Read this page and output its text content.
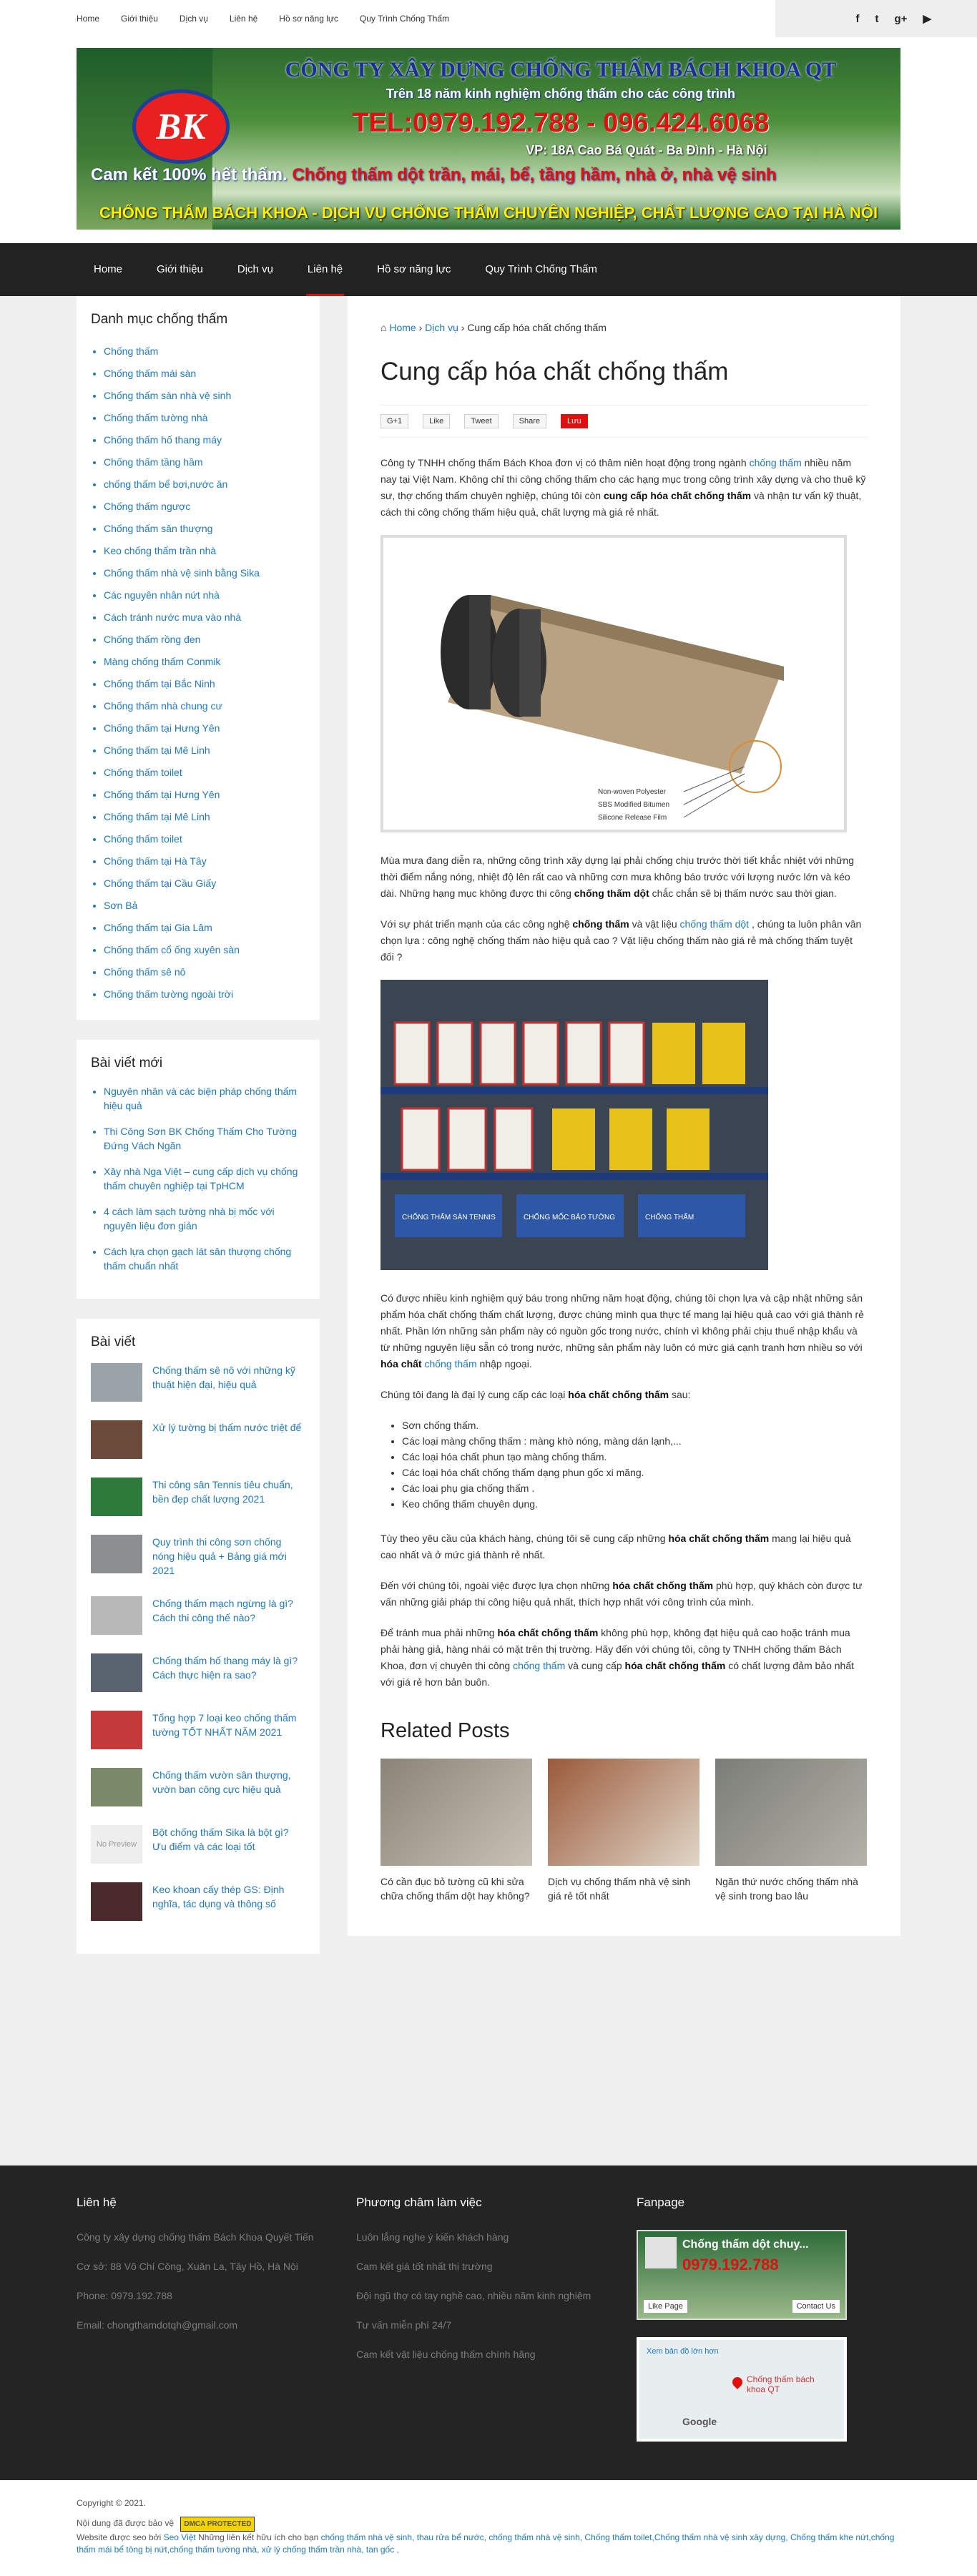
Home	Giới thiệu	Dịch vụ	Liên hệ	Hồ sơ năng lực	Quy Trình Chống Thấm	f t g+ ▶
BK
CÔNG TY XÂY DỰNG CHỐNG THẤM BÁCH KHOA QT
Trên 18 năm kinh nghiệm chống thấm cho các công trình
TEL:0979.192.788 - 096.424.6068
VP: 18A Cao Bá Quát - Ba Đình - Hà Nội
Cam kết 100% hết thấm. Chống thấm dột trần, mái, bể, tầng hầm, nhà ở, nhà vệ sinh
CHỐNG THẤM BÁCH KHOA - DỊCH VỤ CHỐNG THẤM CHUYÊN NGHIỆP, CHẤT LƯỢNG CAO TẠI HÀ NỘI
Home	Giới thiệu	Dịch vụ	Liên hệ	Hồ sơ năng lực	Quy Trình Chống Thấm
Danh mục chống thấm
• Chống thấm
• Chống thấm mái sàn
• Chống thấm sàn nhà vệ sinh
• Chống thấm tường nhà
• Chống thấm hố thang máy
• Chống thấm tầng hầm
• chống thấm bể bơi,nước ăn
• Chống thấm ngược
• Chống thấm sân thượng
• Keo chống thấm trần nhà
• Chống thấm nhà vệ sinh bằng Sika
• Các nguyên nhân nứt nhà
• Cách tránh nước mưa vào nhà
• Chống thấm rồng đen
• Màng chống thấm Conmik
• Chống thấm tại Bắc Ninh
• Chống thấm nhà chung cư
• Chống thấm tại Hưng Yên
• Chống thấm tại Mê Linh
• Chống thấm toilet
• Chống thấm tại Hưng Yên
• Chống thấm tại Mê Linh
• Chống thấm toilet
• Chống thấm tại Hà Tây
• Chống thấm tại Cầu Giấy
• Sơn Bả
• Chống thấm tại Gia Lâm
• Chống thấm cổ ống xuyên sàn
• Chống thấm sê nô
• Chống thấm tường ngoài trời
Bài viết mới
• Nguyên nhân và các biện pháp chống thấm hiệu quả
• Thi Công Sơn BK Chống Thấm Cho Tường Đứng Vách Ngăn
• Xây nhà Nga Việt – cung cấp dịch vụ chống thấm chuyên nghiệp tại TpHCM
• 4 cách làm sạch tường nhà bị mốc với nguyên liệu đơn giản
• Cách lựa chọn gạch lát sân thượng chống thấm chuẩn nhất
Bài viết
Chống thấm sê nô với những kỹ thuật hiện đại, hiệu quả
Xử lý tường bị thấm nước triệt để
Thi công sân Tennis tiêu chuẩn, bền đẹp chất lượng 2021
Quy trình thi công sơn chống nóng hiệu quả + Bảng giá mới 2021
Chống thấm mạch ngừng là gì? Cách thi công thế nào?
Chống thấm hố thang máy là gì? Cách thực hiện ra sao?
Tổng hợp 7 loại keo chống thấm tường TỐT NHẤT NĂM 2021
Chống thấm vườn sân thượng, vườn ban công cực hiệu quả
No Preview
Bột chống thấm Sika là bột gì? Ưu điểm và các loại tốt
Keo khoan cấy thép GS: Định nghĩa, tác dụng và thông số
⌂ Home › Dịch vụ › Cung cấp hóa chất chống thấm
Cung cấp hóa chất chống thấm
G+1	Like	Tweet	Share	Lưu

Công ty TNHH chống thấm Bách Khoa đơn vị có thâm niên hoạt động trong ngành chống thấm nhiều năm nay tại Việt Nam. Không chỉ thi công chống thấm cho các hạng mục trong công trình xây dựng và cho thuê kỹ sư, thợ chống thấm chuyên nghiệp, chúng tôi còn cung cấp hóa chất chống thấm và nhận tư vấn kỹ thuật, cách thi công chống thấm hiệu quả, chất lượng mà giá rẻ nhất.

Non-woven Polyester
SBS Modified Bitumen
Silicone Release Film

Mùa mưa đang diễn ra, những công trình xây dựng lại phải chống chịu trước thời tiết khắc nhiệt với những thời điểm nắng nóng, nhiệt độ lên rất cao và những cơn mưa không báo trước với lượng nước lớn và kéo dài. Những hạng mục không được thi công chống thấm dột chắc chắn sẽ bị thấm nước sau thời gian.

Với sự phát triển mạnh của các công nghệ chống thấm và vật liệu chống thấm dột , chúng ta luôn phân vân chọn lựa : công nghệ chống thấm nào hiệu quả cao ? Vật liệu chống thấm nào giá rẻ mà chống thấm tuyệt đối ?

CHỐNG THẤM SÀN TENNIS	CHỐNG MỐC BẢO TƯỜNG	CHỐNG THẤM

Có được nhiều kinh nghiệm quý báu trong những năm hoạt động, chúng tôi chọn lựa và cập nhật những sản phẩm hóa chất chống thấm chất lượng, được chúng mình qua thực tế mang lại hiệu quả cao với giá thành rẻ nhất. Phần lớn những sản phẩm này có nguồn gốc trong nước, chính vì không phải chịu thuế nhập khẩu và từ những nguyên liệu sẵn có trong nước, những sản phẩm này luôn có mức giá cạnh tranh hơn nhiều so với hóa chất chống thấm nhập ngoại.

Chúng tôi đang là đại lý cung cấp các loại hóa chất chống thấm sau:

• Sơn chống thấm.
• Các loại màng chống thấm : màng khò nóng, màng dán lạnh,...
• Các loại hóa chất phun tạo màng chống thấm.
• Các loại hóa chất chống thấm dạng phun gốc xi măng.
• Các loại phụ gia chống thấm .
• Keo chống thấm chuyên dụng.

Tùy theo yêu cầu của khách hàng, chúng tôi sẽ cung cấp những hóa chất chống thấm mang lại hiệu quả cao nhất và ở mức giá thành rẻ nhất.

Đến với chúng tôi, ngoài việc được lựa chọn những hóa chất chống thấm phù hợp, quý khách còn được tư vấn những giải pháp thi công hiệu quả nhất, thích hợp nhất với công trình của mình.

Để tránh mua phải những hóa chất chống thấm không phù hợp, không đạt hiệu quả cao hoặc tránh mua phải hàng giả, hàng nhái có mặt trên thị trường. Hãy đến với chúng tôi, công ty TNHH chống thấm Bách Khoa, đơn vị chuyên thi công chống thấm và cung cấp hóa chất chống thấm có chất lượng đảm bảo nhất với giá rẻ hơn bản buôn.

Related Posts
Có cần đục bỏ tường cũ khi sửa chữa chống thấm dột hay không?
Dịch vụ chống thấm nhà vệ sinh giá rẻ tốt nhất
Ngăn thứ nước chống thấm nhà vệ sinh trong bao lâu
Liên hệ

Công ty xây dựng chống thấm Bách Khoa Quyết Tiến

Cơ sở: 88 Võ Chí Công, Xuân La, Tây Hồ, Hà Nội

Phone: 0979.192.788

Email: chongthamdotqh@gmail.com

Phương châm làm việc

Luôn lắng nghe ý kiến khách hàng

Cam kết giá tốt nhất thị trường

Đội ngũ thợ có tay nghề cao, nhiều năm kinh nghiệm

Tư vấn miễn phí 24/7

Cam kết vật liệu chống thấm chính hãng

Fanpage
Chống thấm dột chuy...
0979.192.788
Like Page	Contact Us
Xem bản đồ lớn hơn
Chống thấm bách khoa QT
Google

Copyright © 2021.

Nội dung đã được bảo vệ DMCA PROTECTED

Website được seo bởi Seo Việt Những liên kết hữu ích cho bạn chống thấm nhà vệ sinh, thau rửa bể nước, chống thấm nhà vệ sinh, Chống thấm toilet,Chống thấm nhà vệ sinh xây dựng, Chống thấm khe nứt,chống thấm mái bể tông bị nứt,chống thấm tường nhà, xử lý chống thấm trần nhà, tan gốc ,
